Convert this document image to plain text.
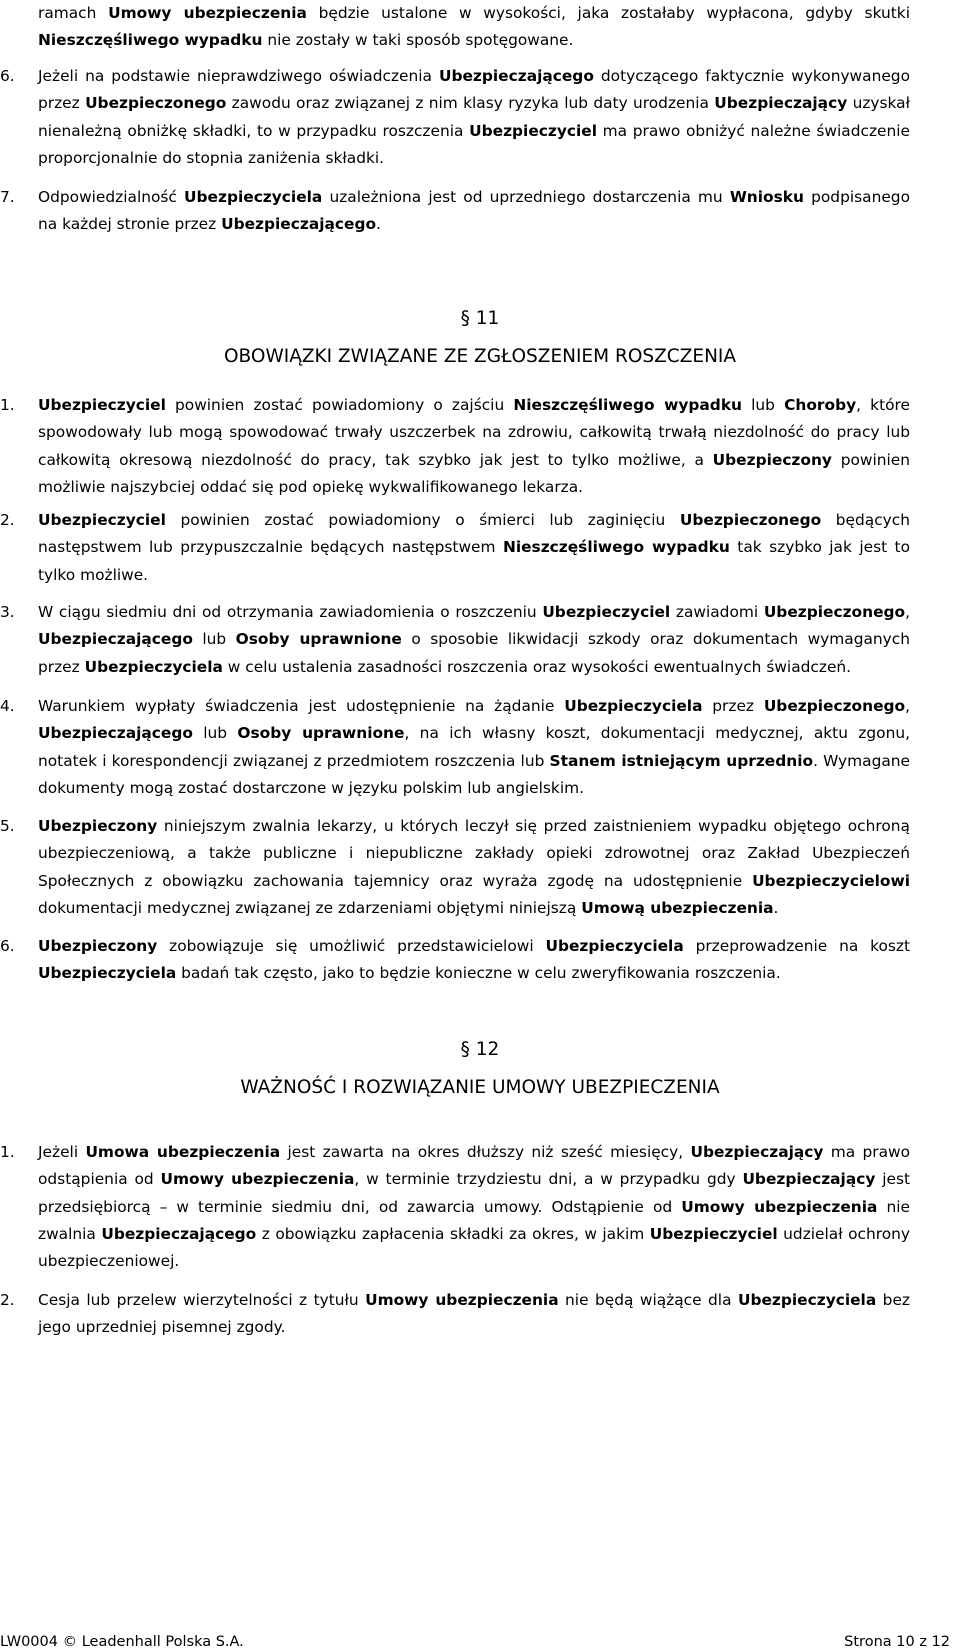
ramach Umowy ubezpieczenia będzie ustalone w wysokości, jaka zostałaby wypłacona, gdyby skutki Nieszczęśliwego wypadku nie zostały w taki sposób spotęgowane.
6.	Jeżeli na podstawie nieprawdziwego oświadczenia Ubezpieczającego dotyczącego faktycznie wykonywanego przez Ubezpieczonego zawodu oraz związanej z nim klasy ryzyka lub daty urodzenia Ubezpieczający uzyskał nienależną obniżkę składki, to w przypadku roszczenia Ubezpieczyciel ma prawo obniżyć należne świadczenie proporcjonalnie do stopnia zaniżenia składki.
7.	Odpowiedzialność Ubezpieczyciela uzależniona jest od uprzedniego dostarczenia mu Wniosku podpisanego na każdej stronie przez Ubezpieczającego.
§ 11
OBOWIĄZKI ZWIĄZANE ZE ZGŁOSZENIEM ROSZCZENIA
1.	Ubezpieczyciel powinien zostać powiadomiony o zajściu Nieszczęśliwego wypadku lub Choroby, które spowodowały lub mogą spowodować trwały uszczerbek na zdrowiu, całkowitą trwałą niezdolność do pracy lub całkowitą okresową niezdolność do pracy, tak szybko jak jest to tylko możliwe, a Ubezpieczony powinien możliwie najszybciej oddać się pod opiekę wykwalifikowanego lekarza.
2.	Ubezpieczyciel powinien zostać powiadomiony o śmierci lub zaginięciu Ubezpieczonego będących następstwem lub przypuszczalnie będących następstwem Nieszczęśliwego wypadku tak szybko jak jest to tylko możliwe.
3.	W ciągu siedmiu dni od otrzymania zawiadomienia o roszczeniu Ubezpieczyciel zawiadomi Ubezpieczonego, Ubezpieczającego lub Osoby uprawnione o sposobie likwidacji szkody oraz dokumentach wymaganych przez Ubezpieczyciela w celu ustalenia zasadności roszczenia oraz wysokości ewentualnych świadczeń.
4.	Warunkiem wypłaty świadczenia jest udostępnienie na żądanie Ubezpieczyciela przez Ubezpieczonego, Ubezpieczającego lub Osoby uprawnione, na ich własny koszt, dokumentacji medycznej, aktu zgonu, notatek i korespondencji związanej z przedmiotem roszczenia lub Stanem istniejącym uprzednio. Wymagane dokumenty mogą zostać dostarczone w języku polskim lub angielskim.
5.	Ubezpieczony niniejszym zwalnia lekarzy, u których leczył się przed zaistnieniem wypadku objętego ochroną ubezpieczeniową, a także publiczne i niepubliczne zakłady opieki zdrowotnej oraz Zakład Ubezpieczeń Społecznych z obowiązku zachowania tajemnicy oraz wyraża zgodę na udostępnienie Ubezpieczycielowi dokumentacji medycznej związanej ze zdarzeniami objętymi niniejszą Umową ubezpieczenia.
6.	Ubezpieczony zobowiązuje się umożliwić przedstawicielowi Ubezpieczyciela przeprowadzenie na koszt Ubezpieczyciela badań tak często, jako to będzie konieczne w celu zweryfikowania roszczenia.
§ 12
WAŻNOŚĆ I ROZWIĄZANIE UMOWY UBEZPIECZENIA
1.	Jeżeli Umowa ubezpieczenia jest zawarta na okres dłuższy niż sześć miesięcy, Ubezpieczający ma prawo odstąpienia od Umowy ubezpieczenia, w terminie trzydziestu dni, a w przypadku gdy Ubezpieczający jest przedsiębiorcą – w terminie siedmiu dni, od zawarcia umowy. Odstąpienie od Umowy ubezpieczenia nie zwalnia Ubezpieczającego z obowiązku zapłacenia składki za okres, w jakim Ubezpieczyciel udzielał ochrony ubezpieczeniowej.
2.	Cesja lub przelew wierzytelności z tytułu Umowy ubezpieczenia nie będą wiążące dla Ubezpieczyciela bez jego uprzedniej pisemnej zgody.
LW0004 © Leadenhall Polska S.A.	Strona 10 z 12
